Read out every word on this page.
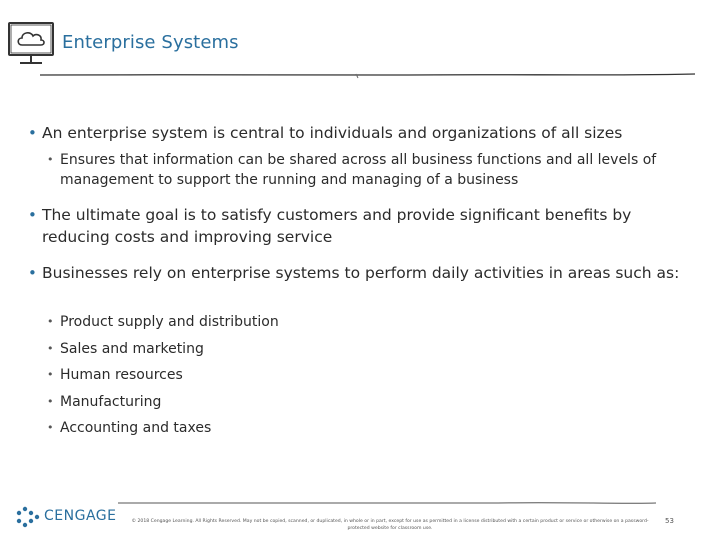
Enterprise Systems
• An enterprise system is central to individuals and organizations of all sizes
• Ensures that information can be shared across all business functions and all levels of management to support the running and managing of a business
• The ultimate goal is to satisfy customers and provide significant benefits by reducing costs and improving service
• Businesses rely on enterprise systems to perform daily activities in areas such as:
• Product supply and distribution
• Sales and marketing
• Human resources
• Manufacturing
• Accounting and taxes
CENGAGE	© 2018 Cengage Learning. All Rights Reserved. May not be copied, scanned, or duplicated, in whole or in part, except for use as permitted in a license distributed with a certain product or service or otherwise on a password-protected website for classroom use.
53
